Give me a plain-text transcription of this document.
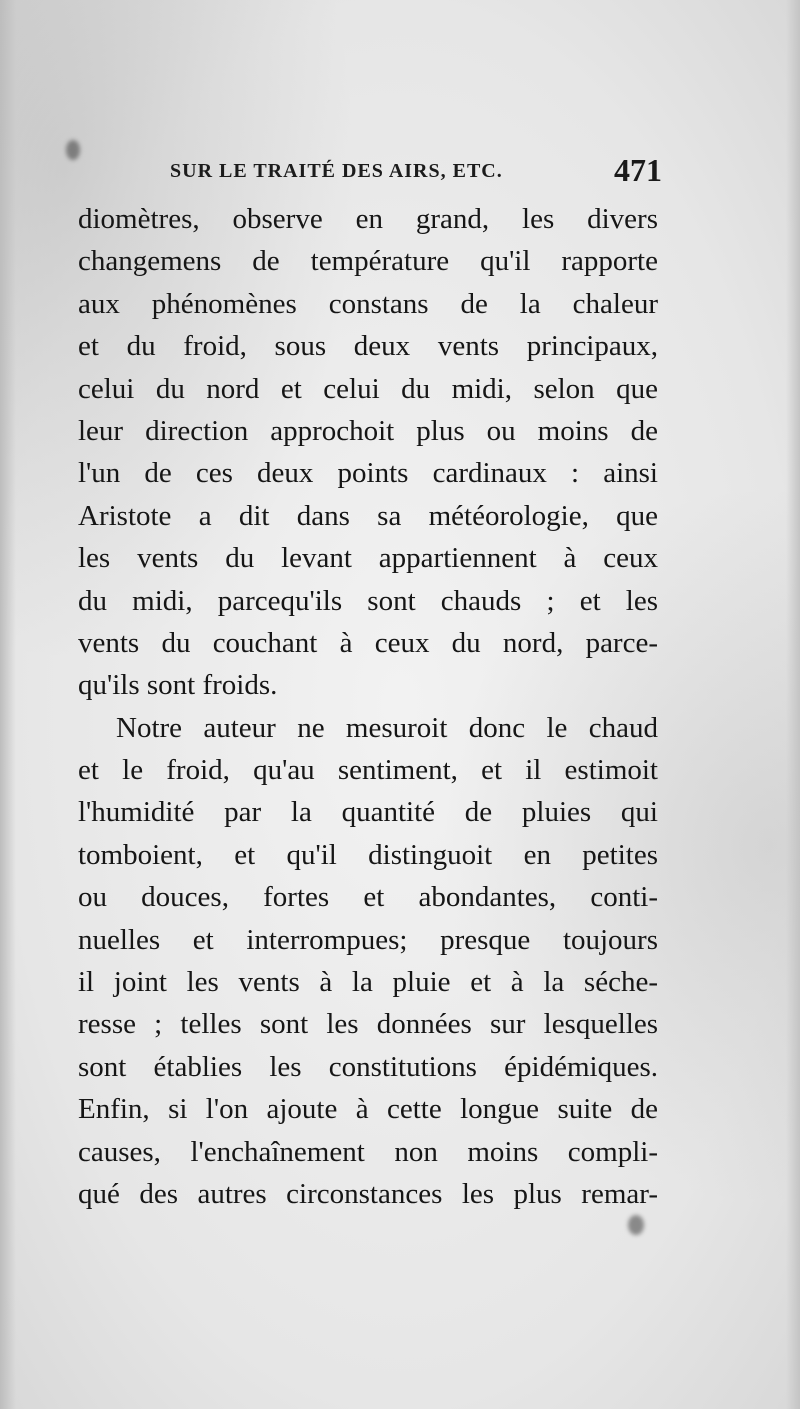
SUR LE TRAITÉ DES AIRS, ETC.	471
diomètres, observe en grand, les divers
changemens de température qu'il rapporte
aux phénomènes constans de la chaleur
et du froid, sous deux vents principaux,
celui du nord et celui du midi, selon que
leur direction approchoit plus ou moins de
l'un de ces deux points cardinaux : ainsi
Aristote a dit dans sa météorologie, que
les vents du levant appartiennent à ceux
du midi, parcequ'ils sont chauds ; et les
vents du couchant à ceux du nord, parce-
qu'ils sont froids.
Notre auteur ne mesuroit donc le chaud
et le froid, qu'au sentiment, et il estimoit
l'humidité par la quantité de pluies qui
tomboient, et qu'il distinguoit en petites
ou douces, fortes et abondantes, conti-
nuelles et interrompues; presque toujours
il joint les vents à la pluie et à la séche-
resse ; telles sont les données sur lesquelles
sont établies les constitutions épidémiques.
Enfin, si l'on ajoute à cette longue suite de
causes, l'enchaînement non moins compli-
qué des autres circonstances les plus remar-
